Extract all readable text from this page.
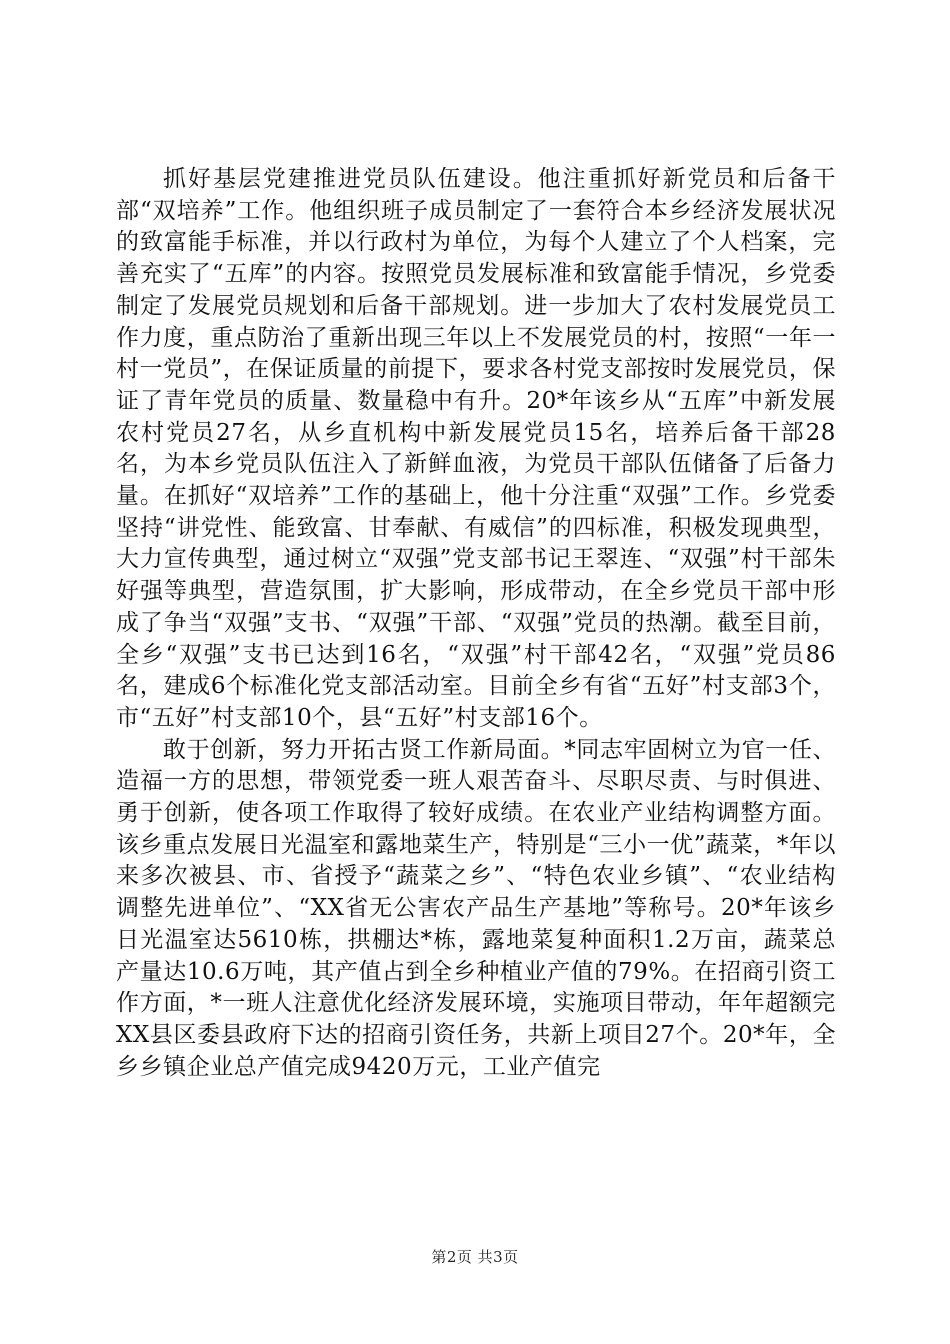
抓好基层党建推进党员队伍建设。他注重抓好新党员和后备干部“双培养”工作。他组织班子成员制定了一套符合本乡经济发展状况的致富能手标准，并以行政村为单位，为每个人建立了个人档案，完善充实了“五库”的内容。按照党员发展标准和致富能手情况，乡党委制定了发展党员规划和后备干部规划。进一步加大了农村发展党员工作力度，重点防治了重新出现三年以上不发展党员的村，按照“一年一村一党员”，在保证质量的前提下，要求各村党支部按时发展党员，保证了青年党员的质量、数量稳中有升。20*年该乡从“五库”中新发展农村党员27名，从乡直机构中新发展党员15名，培养后备干部28名，为本乡党员队伍注入了新鲜血液，为党员干部队伍储备了后备力量。在抓好“双培养”工作的基础上，他十分注重“双强”工作。乡党委坚持“讲党性、能致富、甘奉献、有威信”的四标准，积极发现典型，大力宣传典型，通过树立“双强”党支部书记王翠连、“双强”村干部朱好强等典型，营造氛围，扩大影响，形成带动，在全乡党员干部中形成了争当“双强”支书、“双强”干部、“双强”党员的热潮。截至目前，全乡“双强”支书已达到16名，“双强”村干部42名，“双强”党员86名，建成6个标准化党支部活动室。目前全乡有省“五好”村支部3个，市“五好”村支部10个，县“五好”村支部16个。

敢于创新，努力开拓古贤工作新局面。*同志牢固树立为官一任、造福一方的思想，带领党委一班人艰苦奋斗、尽职尽责、与时俱进、勇于创新，使各项工作取得了较好成绩。在农业产业结构调整方面。该乡重点发展日光温室和露地菜生产，特别是“三小一优”蔬菜，*年以来多次被县、市、省授予“蔬菜之乡”、“特色农业乡镇”、“农业结构调整先进单位”、“XX省无公害农产品生产基地”等称号。20*年该乡日光温室达5610栋，拱棚达*栋，露地菜复种面积1.2万亩，蔬菜总产量达10.6万吨，其产值占到全乡种植业产值的79%。在招商引资工作方面，*一班人注意优化经济发展环境，实施项目带动，年年超额完XX县区委县政府下达的招商引资任务，共新上项目27个。20*年，全乡乡镇企业总产值完成9420万元，工业产值完

第2页 共3页
